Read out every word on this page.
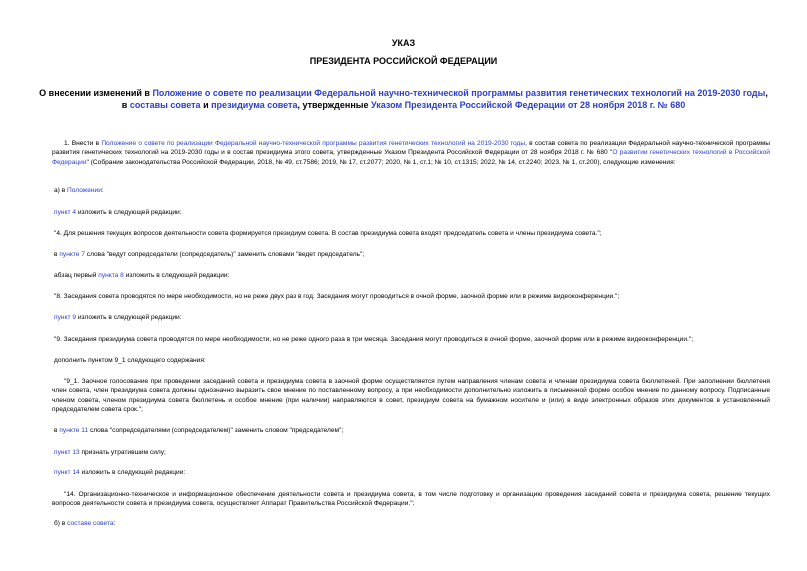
УКАЗ
ПРЕЗИДЕНТА РОССИЙСКОЙ ФЕДЕРАЦИИ
О внесении изменений в Положение о совете по реализации Федеральной научно-технической программы развития генетических технологий на 2019-2030 годы, в составы совета и президиума совета, утвержденные Указом Президента Российской Федерации от 28 ноября 2018 г. № 680
1. Внести в Положение о совете по реализации Федеральной научно-технической программы развития генетических технологий на 2019-2030 годы, в состав совета по реализации Федеральной научно-технической программы развития генетических технологий на 2019-2030 годы и в состав президиума этого совета, утвержденные Указом Президента Российской Федерации от 28 ноября 2018 г. № 680 "О развитии генетических технологий в Российской Федерации" (Собрание законодательства Российской Федерации, 2018, № 49, ст.7586; 2019, № 17, ст.2077; 2020, № 1, ст.1; № 10, ст.1315; 2022, № 14, ст.2240; 2023, № 1, ст.200), следующие изменения:
а) в Положении:
пункт 4 изложить в следующей редакции:
"4. Для решения текущих вопросов деятельности совета формируется президиум совета. В состав президиума совета входят председатель совета и члены президиума совета.";
в пункте 7 слова "ведут сопредседатели (сопредседатель)" заменить словами "ведет председатель";
абзац первый пункта 8 изложить в следующей редакции:
"8. Заседания совета проводятся по мере необходимости, но не реже двух раз в год. Заседания могут проводиться в очной форме, заочной форме или в режиме видеоконференции.";
пункт 9 изложить в следующей редакции:
"9. Заседания президиума совета проводятся по мере необходимости, но не реже одного раза в три месяца. Заседания могут проводиться в очной форме, заочной форме или в режиме видеоконференции.";
дополнить пунктом 9_1 следующего содержания:
"9_1. Заочное голосование при проведении заседаний совета и президиума совета в заочной форме осуществляется путем направления членам совета и членам президиума совета бюллетеней. При заполнении бюллетеня член совета, член президиума совета должны однозначно выразить свое мнение по поставленному вопросу, а при необходимости дополнительно изложить в письменной форме особое мнение по данному вопросу. Подписанные членом совета, членом президиума совета бюллетень и особое мнение (при наличии) направляются в совет, президиум совета на бумажном носителе и (или) в виде электронных образов этих документов в установленный председателем совета срок.";
в пункте 11 слова "сопредседателями (сопредседателем)" заменить словом "председателем";
пункт 13 признать утратившим силу;
пункт 14 изложить в следующей редакции:
"14. Организационно-техническое и информационное обеспечение деятельности совета и президиума совета, в том числе подготовку и организацию проведения заседаний совета и президиума совета, решение текущих вопросов деятельности совета и президиума совета, осуществляет Аппарат Правительства Российской Федерации.";
б) в составе совета:
